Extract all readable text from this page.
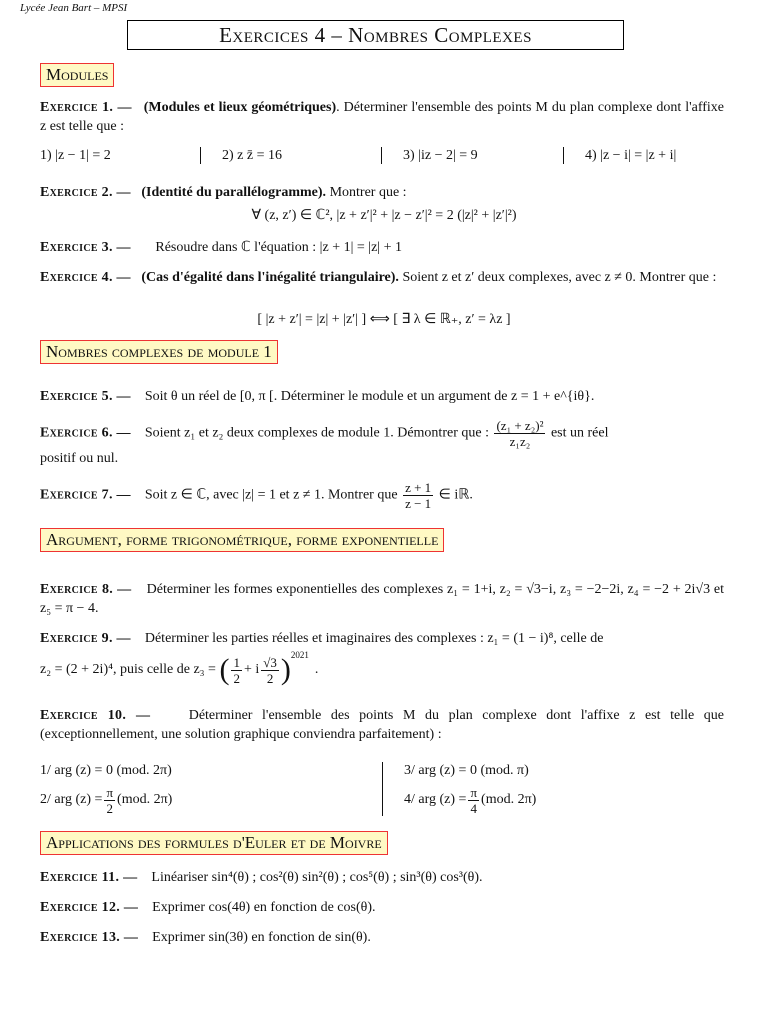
Lycée Jean Bart – MPSI
Exercices 4 – Nombres Complexes
Modules
Exercice 1. — (Modules et lieux géométriques). Déterminer l'ensemble des points M du plan complexe dont l'affixe z est telle que :
1) |z − 1| = 2	2) z z̄ = 16	3) |iz − 2| = 9	4) |z − i| = |z + i|
Exercice 2. — (Identité du parallélogramme). Montrer que :
∀ (z, z′) ∈ ℂ², |z + z′|² + |z − z′|² = 2 (|z|² + |z′|²)
Exercice 3. — Résoudre dans ℂ l'équation : |z + 1| = |z| + 1
Exercice 4. — (Cas d'égalité dans l'inégalité triangulaire). Soient z et z′ deux complexes, avec z ≠ 0. Montrer que :
[ |z + z′| = |z| + |z′| ] ⟺ [ ∃ λ ∈ ℝ₊, z′ = λz ]
Nombres complexes de module 1
Exercice 5. — Soit θ un réel de [0, π [. Déterminer le module et un argument de z = 1 + e^{iθ}.
Exercice 6. — Soient z₁ et z₂ deux complexes de module 1. Démontrer que : $\frac{\text{(z₁ + z₂)²}}{\text{z₁z₂}}$ est un réel
positif ou nul.
Exercice 7. — Soit z ∈ ℂ, avec |z| = 1 et z ≠ 1. Montrer que $\frac{z + 1}{z - 1}$ ∈ iℝ.
Argument, forme trigonométrique, forme exponentielle
Exercice 8. — Déterminer les formes exponentielles des complexes z₁ = 1+i, z₂ = √3−i, z₃ = −2−2i, z₄ = −2 + 2i√3 et z₅ = π − 4.
Exercice 9. — Déterminer les parties réelles et imaginaires des complexes : z₁ = (1 − i)⁸, celle de
z₂ = (2 + 2i)⁴, puis celle de z₃ =
( $\frac{1}{2} + i \frac{√3}{2}$ ) 2021
.
Exercice 10. —	Déterminer l'ensemble des points M du plan complexe dont l'affixe z est telle que (exceptionnellement, une solution graphique conviendra parfaitement) :
1/ arg (z) = 0 (mod. 2π)
2/ arg $(z) = \frac{\pi}{2} (mod$. 2π)
3/ arg (z) = 0 (mod. π)
4/ arg $(z) = \frac{\pi}{4} (mod$. 2π)
Applications des formules d'Euler et de Moivre
Exercice 11. — Linéariser sin⁴(θ) ; cos²(θ) sin²(θ) ; cos⁵(θ) ; sin³(θ) cos³(θ).
Exercice 12. — Exprimer cos(4θ) en fonction de cos(θ).
Exercice 13. — Exprimer sin(3θ) en fonction de sin(θ).
